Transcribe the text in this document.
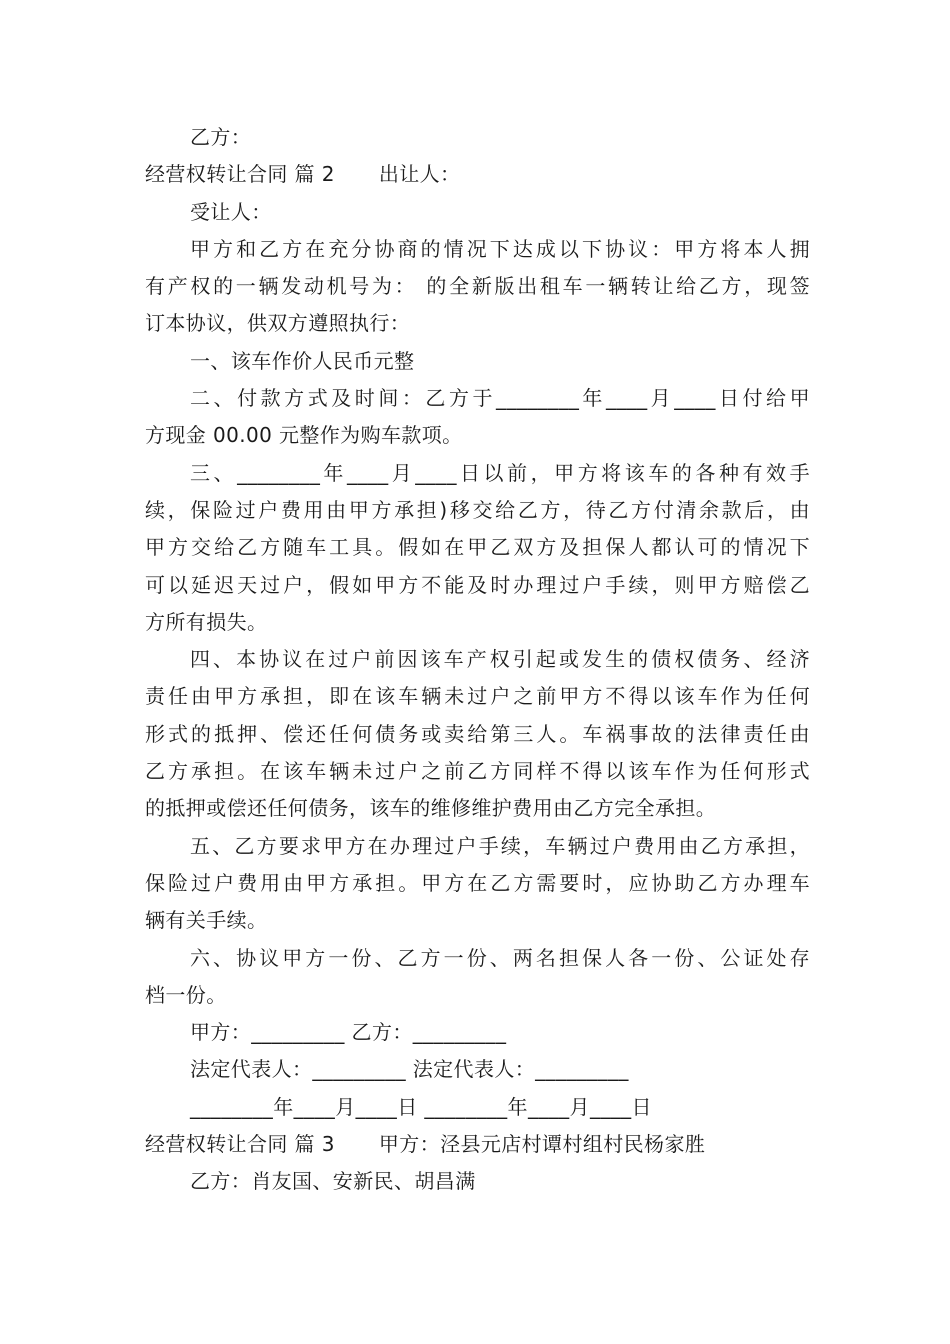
乙方：
经营权转让合同 篇 2 出让人：
受让人：
甲方和乙方在充分协商的情况下达成以下协议：甲方将本人拥
有产权的一辆发动机号为： 的全新版出租车一辆转让给乙方，现签
订本协议，供双方遵照执行：
一、该车作价人民币元整
二、付款方式及时间：乙方于________年____月____日付给甲
方现金 00.00 元整作为购车款项。
三、________年____月____日以前，甲方将该车的各种有效手
续，保险过户费用由甲方承担)移交给乙方，待乙方付清余款后，由
甲方交给乙方随车工具。假如在甲乙双方及担保人都认可的情况下
可以延迟天过户，假如甲方不能及时办理过户手续，则甲方赔偿乙
方所有损失。
四、本协议在过户前因该车产权引起或发生的债权债务、经济
责任由甲方承担，即在该车辆未过户之前甲方不得以该车作为任何
形式的抵押、偿还任何债务或卖给第三人。车祸事故的法律责任由
乙方承担。在该车辆未过户之前乙方同样不得以该车作为任何形式
的抵押或偿还任何债务，该车的维修维护费用由乙方完全承担。
五、乙方要求甲方在办理过户手续，车辆过户费用由乙方承担，
保险过户费用由甲方承担。甲方在乙方需要时，应协助乙方办理车
辆有关手续。
六、协议甲方一份、乙方一份、两名担保人各一份、公证处存
档一份。
甲方：_________ 乙方：_________
法定代表人：_________ 法定代表人：_________
________年____月____日 ________年____月____日
经营权转让合同 篇 3 甲方：泾县元店村谭村组村民杨家胜
乙方：肖友国、安新民、胡昌满
